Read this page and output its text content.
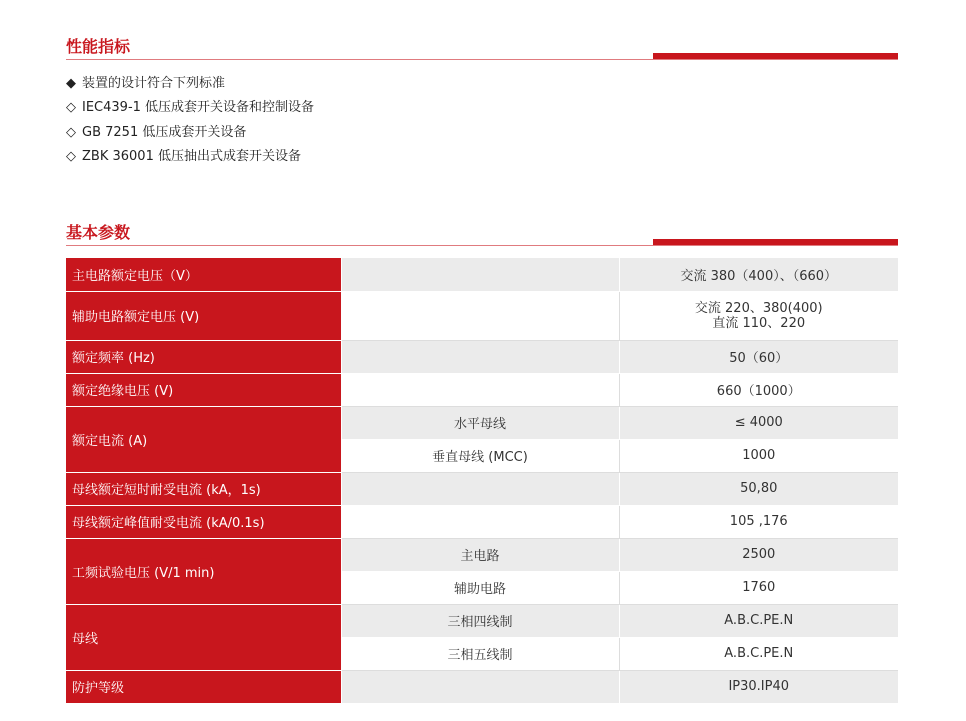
性能指标
◆ 装置的设计符合下列标准
◇ IEC439-1 低压成套开关设备和控制设备
◇ GB 7251 低压成套开关设备
◇ ZBK 36001 低压抽出式成套开关设备
基本参数
主电路额定电压（V）		交流 380（400）、（660）
辅助电路额定电压 (V)		交流 220、380(400)
直流 110、220

额定频率 (Hz)		50（60）
额定绝缘电压 (V)		660（1000）
额定电流 (A)	水平母线	≤ 4000
	垂直母线 (MCC)	1000
母线额定短时耐受电流 (kA，1s)		50,80
母线额定峰值耐受电流 (kA/0.1s)		105 ,176
工频试验电压 (V/1 min)	主电路	2500
	辅助电路	1760
母线	三相四线制	A.B.C.PE.N
	三相五线制	A.B.C.PE.N
防护等级		IP30.IP40
